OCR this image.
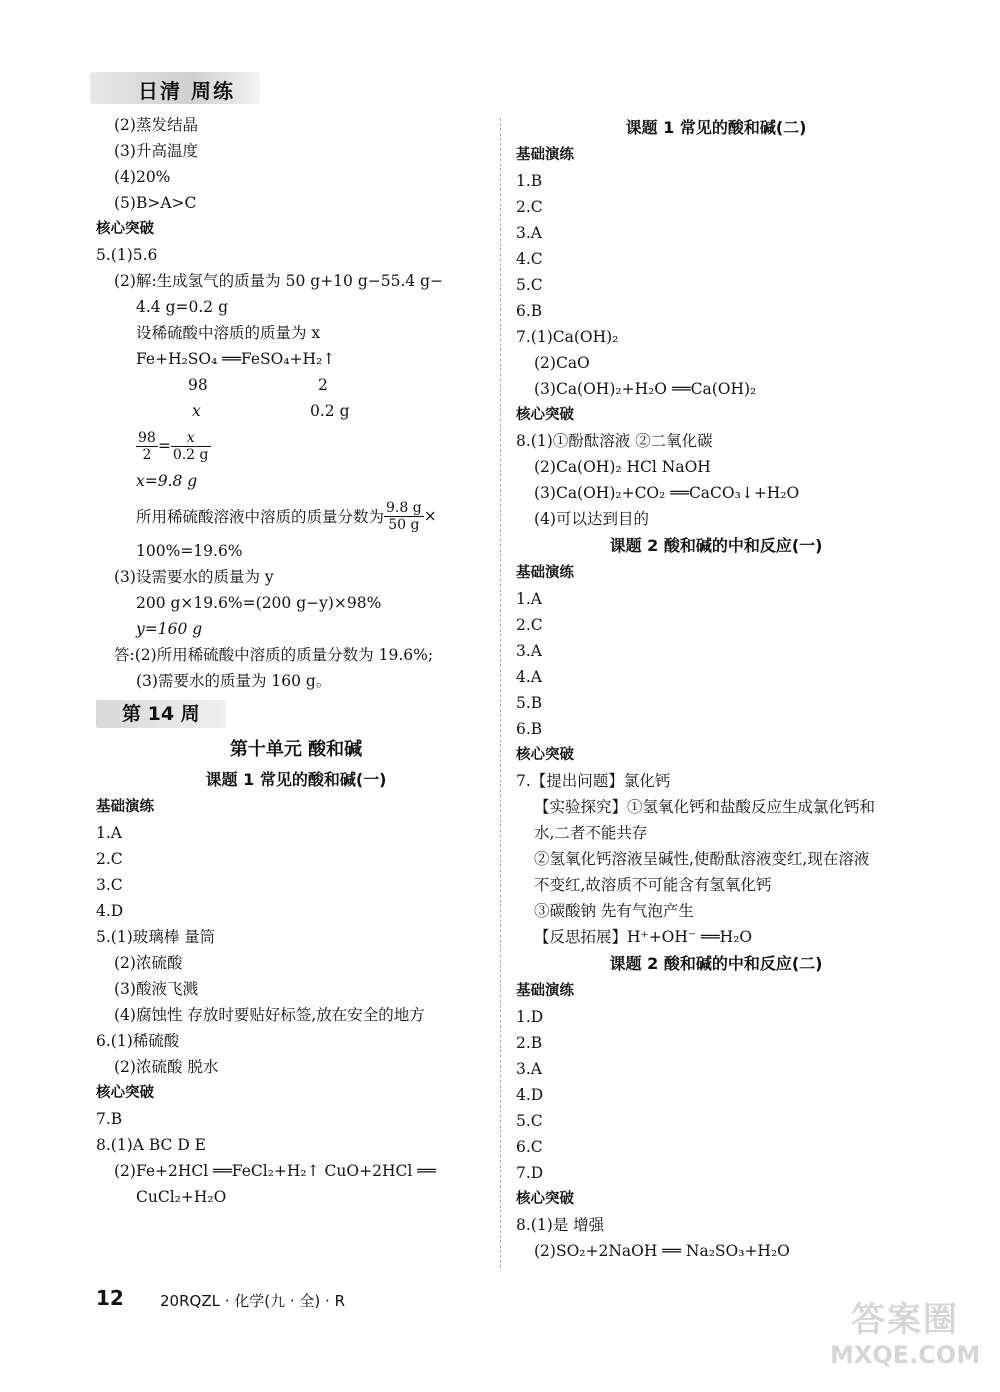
日清 周练
(2)蒸发结晶
(3)升高温度
(4)20%
(5)B>A>C
核心突破
5.(1)5.6
(2)解:生成氢气的质量为 50 g+10 g−55.4 g−
4.4 g=0.2 g
设稀硫酸中溶质的质量为 x
Fe+H₂SO₄ ══FeSO₄+H₂↑
98	2
x	0.2 g
$\frac{98}{2} = \frac{x}{0.2 g}$
x=9.8 g
所用稀硫酸溶液中溶质的质量分数为 $\frac{9.8 g}{50 g}$ ×
100%=19.6%
(3)设需要水的质量为 y
200 g×19.6%=(200 g−y)×98%
y=160 g
答:(2)所用稀硫酸中溶质的质量分数为 19.6%;
(3)需要水的质量为 160 g。
第 14 周
第十单元 酸和碱
课题 1 常见的酸和碱(一)
基础演练
1.A
2.C
3.C
4.D
5.(1)玻璃棒 量筒
(2)浓硫酸
(3)酸液飞溅
(4)腐蚀性 存放时要贴好标签,放在安全的地方
6.(1)稀硫酸
(2)浓硫酸 脱水
核心突破
7.B
8.(1)A BC D E
(2)Fe+2HCl ══FeCl₂+H₂↑ CuO+2HCl ══
CuCl₂+H₂O
课题 1 常见的酸和碱(二)
基础演练
1.B
2.C
3.A
4.C
5.C
6.B
7.(1)Ca(OH)₂
(2)CaO
(3)Ca(OH)₂+H₂O ══Ca(OH)₂
核心突破
8.(1)①酚酞溶液 ②二氧化碳
(2)Ca(OH)₂ HCl NaOH
(3)Ca(OH)₂+CO₂ ══CaCO₃↓+H₂O
(4)可以达到目的
课题 2 酸和碱的中和反应(一)
基础演练
1.A
2.C
3.A
4.A
5.B
6.B
核心突破
7.【提出问题】氯化钙
【实验探究】①氢氧化钙和盐酸反应生成氯化钙和
水,二者不能共存
②氢氧化钙溶液呈碱性,使酚酞溶液变红,现在溶液
不变红,故溶质不可能含有氢氧化钙
③碳酸钠 先有气泡产生
【反思拓展】H⁺+OH⁻ ══H₂O
课题 2 酸和碱的中和反应(二)
基础演练
1.D
2.B
3.A
4.D
5.C
6.C
7.D
核心突破
8.(1)是 增强
(2)SO₂+2NaOH ══ Na₂SO₃+H₂O
12 20RQZL · 化学(九 · 全) · R	答案圈
MXQE.COM
